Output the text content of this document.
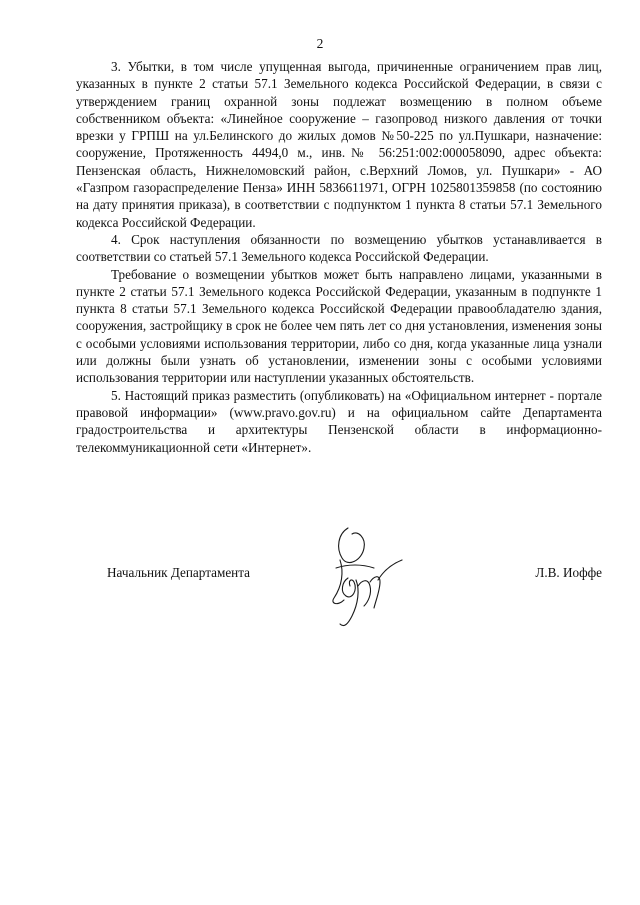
2

3. Убытки, в том числе упущенная выгода, причиненные ограничением прав лиц, указанных в пункте 2 статьи 57.1 Земельного кодекса Российской Федерации, в связи с утверждением границ охранной зоны подлежат возмещению в полном объеме собственником объекта: «Линейное сооружение – газопровод низкого давления от точки врезки у ГРПШ на ул.Белинского до жилых домов №50-225 по ул.Пушкари, назначение: сооружение, Протяженность 4494,0 м., инв.№ 56:251:002:000058090, адрес объекта: Пензенская область, Нижнеломовский район, с.Верхний Ломов, ул. Пушкари» - АО «Газпром газораспределение Пенза» ИНН 5836611971, ОГРН 1025801359858 (по состоянию на дату принятия приказа), в соответствии с подпунктом 1 пункта 8 статьи 57.1 Земельного кодекса Российской Федерации.

4. Срок наступления обязанности по возмещению убытков устанавливается в соответствии со статьей 57.1 Земельного кодекса Российской Федерации.

Требование о возмещении убытков может быть направлено лицами, указанными в пункте 2 статьи 57.1 Земельного кодекса Российской Федерации, указанным в подпункте 1 пункта 8 статьи 57.1 Земельного кодекса Российской Федерации правообладателю здания, сооружения, застройщику в срок не более чем пять лет со дня установления, изменения зоны с особыми условиями использования территории, либо со дня, когда указанные лица узнали или должны были узнать об установлении, изменении зоны с особыми условиями использования территории или наступлении указанных обстоятельств.

5. Настоящий приказ разместить (опубликовать) на «Официальном интернет - портале правовой информации» (www.pravo.gov.ru) и на официальном сайте Департамента градостроительства и архитектуры Пензенской области в информационно-телекоммуникационной сети «Интернет».

Начальник Департамента	Л.В. Иоффе
